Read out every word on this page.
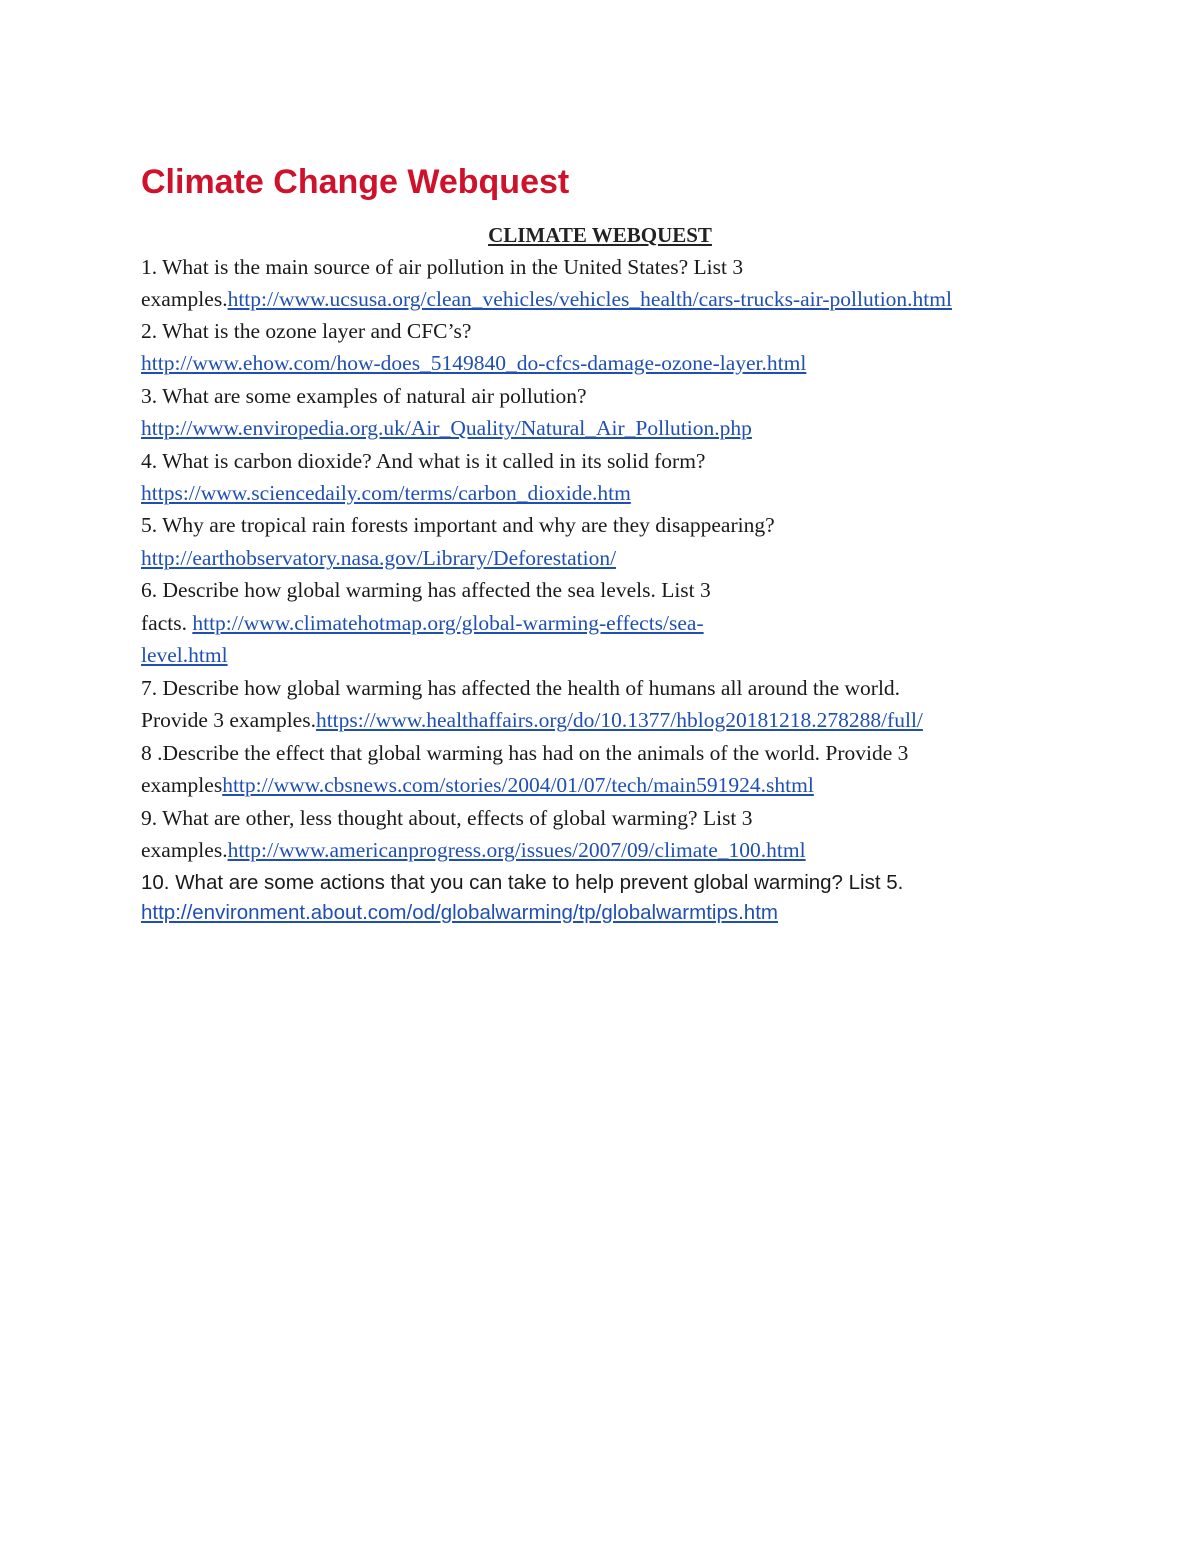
Climate Change Webquest
CLIMATE WEBQUEST
1. What is the main source of air pollution in the United States? List 3
examples.http://www.ucsusa.org/clean_vehicles/vehicles_health/cars-trucks-air-pollution.html
2. What is the ozone layer and CFC’s?
http://www.ehow.com/how-does_5149840_do-cfcs-damage-ozone-layer.html
3. What are some examples of natural air pollution?
http://www.enviropedia.org.uk/Air_Quality/Natural_Air_Pollution.php
4. What is carbon dioxide? And what is it called in its solid form?
https://www.sciencedaily.com/terms/carbon_dioxide.htm
5. Why are tropical rain forests important and why are they disappearing?
http://earthobservatory.nasa.gov/Library/Deforestation/
6. Describe how global warming has affected the sea levels. List 3
facts. http://www.climatehotmap.org/global-warming-effects/sea-
level.html
7. Describe how global warming has affected the health of humans all around the world.
Provide 3 examples.https://www.healthaffairs.org/do/10.1377/hblog20181218.278288/full/
8 .Describe the effect that global warming has had on the animals of the world. Provide 3
exampleshttp://www.cbsnews.com/stories/2004/01/07/tech/main591924.shtml
9. What are other, less thought about, effects of global warming? List 3
examples.http://www.americanprogress.org/issues/2007/09/climate_100.html
10. What are some actions that you can take to help prevent global warming? List 5.
http://environment.about.com/od/globalwarming/tp/globalwarmtips.htm
